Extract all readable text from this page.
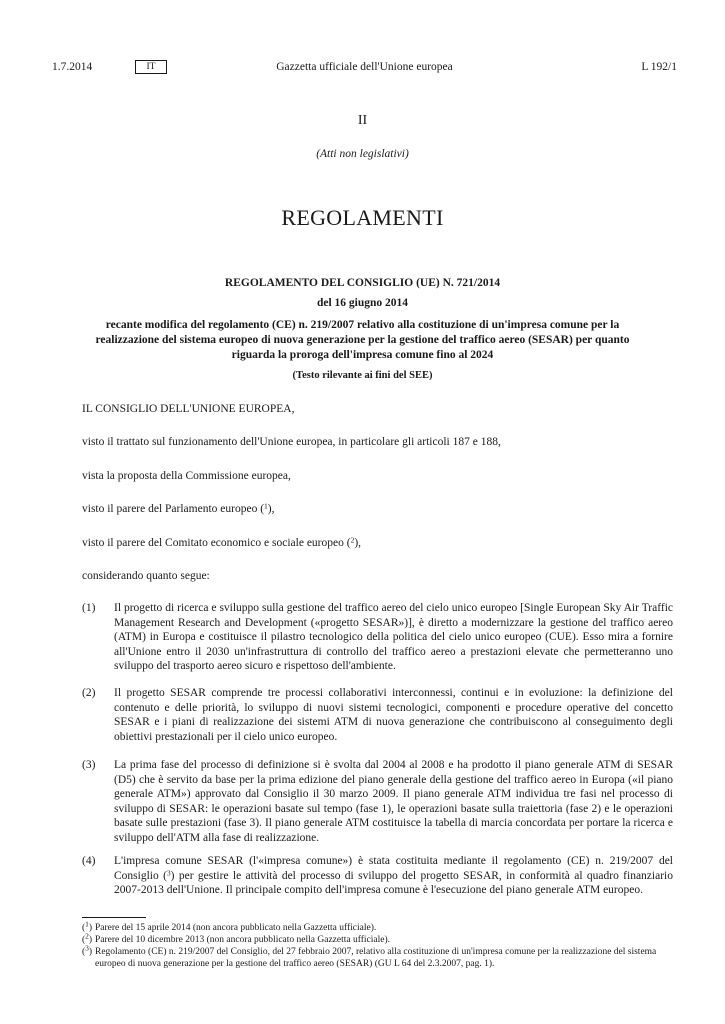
1.7.2014	IT	Gazzetta ufficiale dell'Unione europea	L 192/1
II
(Atti non legislativi)
REGOLAMENTI
REGOLAMENTO DEL CONSIGLIO (UE) N. 721/2014
del 16 giugno 2014
recante modifica del regolamento (CE) n. 219/2007 relativo alla costituzione di un'impresa comune per la realizzazione del sistema europeo di nuova generazione per la gestione del traffico aereo (SESAR) per quanto riguarda la proroga dell'impresa comune fino al 2024
(Testo rilevante ai fini del SEE)
IL CONSIGLIO DELL'UNIONE EUROPEA,
visto il trattato sul funzionamento dell'Unione europea, in particolare gli articoli 187 e 188,
vista la proposta della Commissione europea,
visto il parere del Parlamento europeo ($^1$),
visto il parere del Comitato economico e sociale europeo ($^2$),
considerando quanto segue:
(1)	Il progetto di ricerca e sviluppo sulla gestione del traffico aereo del cielo unico europeo [Single European Sky Air Traffic Management Research and Development («progetto SESAR»)], è diretto a modernizzare la gestione del traffico aereo (ATM) in Europa e costituisce il pilastro tecnologico della politica del cielo unico europeo (CUE). Esso mira a fornire all'Unione entro il 2030 un'infrastruttura di controllo del traffico aereo a prestazioni elevate che permetteranno uno sviluppo del trasporto aereo sicuro e rispettoso dell'ambiente.
(2)	Il progetto SESAR comprende tre processi collaborativi interconnessi, continui e in evoluzione: la definizione del contenuto e delle priorità, lo sviluppo di nuovi sistemi tecnologici, componenti e procedure operative del concetto SESAR e i piani di realizzazione dei sistemi ATM di nuova generazione che contribuiscono al conseguimento degli obiettivi prestazionali per il cielo unico europeo.
(3)	La prima fase del processo di definizione si è svolta dal 2004 al 2008 e ha prodotto il piano generale ATM di SESAR (D5) che è servito da base per la prima edizione del piano generale della gestione del traffico aereo in Europa («il piano generale ATM») approvato dal Consiglio il 30 marzo 2009. Il piano generale ATM individua tre fasi nel processo di sviluppo di SESAR: le operazioni basate sul tempo (fase 1), le operazioni basate sulla traiettoria (fase 2) e le operazioni basate sulle prestazioni (fase 3). Il piano generale ATM costituisce la tabella di marcia concordata per portare la ricerca e sviluppo dell'ATM alla fase di realizzazione.
(4)	L'impresa comune SESAR (l'«impresa comune») è stata costituita mediante il regolamento (CE) n. 219/2007 del Consiglio ($^3$) per gestire le attività del processo di sviluppo del progetto SESAR, in conformità al quadro finanziario 2007-2013 dell'Unione. Il principale compito dell'impresa comune è l'esecuzione del piano generale ATM europeo.
($^1$) Parere del 15 aprile 2014 (non ancora pubblicato nella Gazzetta ufficiale).
($^2$) Parere del 10 dicembre 2013 (non ancora pubblicato nella Gazzetta ufficiale).
($^3$) Regolamento (CE) n. 219/2007 del Consiglio, del 27 febbraio 2007, relativo alla costituzione di un'impresa comune per la realizzazione del sistema europeo di nuova generazione per la gestione del traffico aereo (SESAR) (GU L 64 del 2.3.2007, pag. 1).
